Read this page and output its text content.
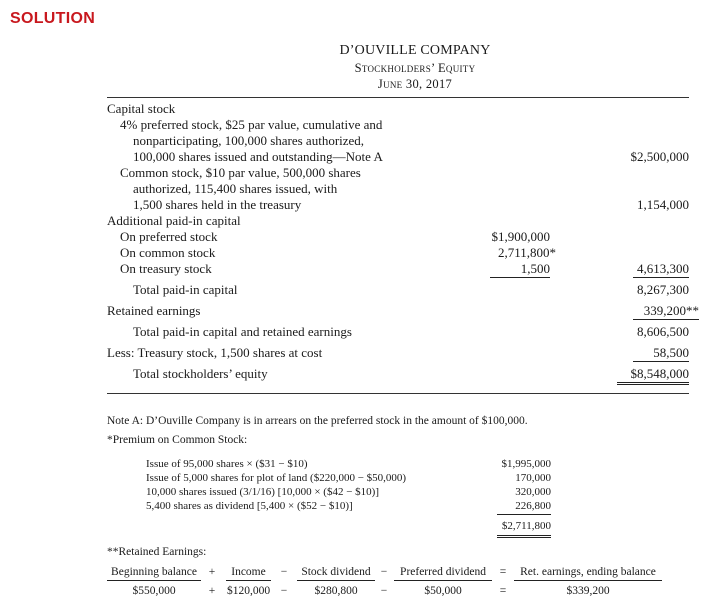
SOLUTION
D’OUVILLE COMPANY
Stockholders’ Equity
June 30, 2017
Capital stock
4% preferred stock, $25 par value, cumulative and
nonparticipating, 100,000 shares authorized,
100,000 shares issued and outstanding—Note A	$2,500,000
Common stock, $10 par value, 500,000 shares
authorized, 115,400 shares issued, with
1,500 shares held in the treasury	1,154,000
Additional paid-in capital
On preferred stock	$1,900,000
On common stock	2,711,800*
On treasury stock	1,500	4,613,300
Total paid-in capital	8,267,300
Retained earnings	339,200**
Total paid-in capital and retained earnings	8,606,500
Less: Treasury stock, 1,500 shares at cost	58,500
Total stockholders’ equity	$8,548,000
Note A: D’Ouville Company is in arrears on the preferred stock in the amount of $100,000.
*Premium on Common Stock:
Issue of 95,000 shares × ($31 − $10)	$1,995,000
Issue of 5,000 shares for plot of land ($220,000 − $50,000)	170,000
10,000 shares issued (3/1/16) [10,000 × ($42 − $10)]	320,000
5,400 shares as dividend [5,400 × ($52 − $10)]	226,800
$2,711,800
**Retained Earnings:
Beginning balance	+	Income	−	Stock dividend −	Preferred dividend	=	Ret. earnings, ending balance
$550,000	+	$120,000 −	$280,800	−	$50,000	=	$339,200
